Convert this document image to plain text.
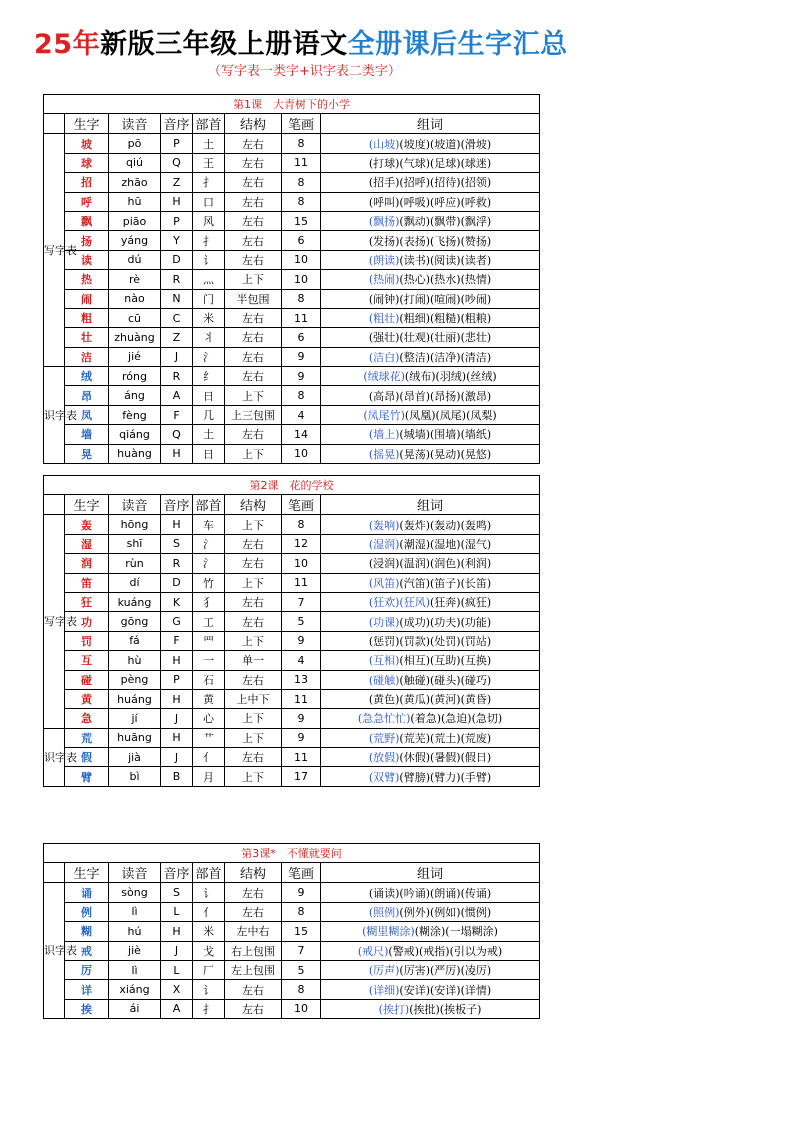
25年新版三年级上册语文全册课后生字汇总
（写字表一类字+识字表二类字）
第1课　大青树下的小学							
	生字	读音	音序	部首	结构	笔画	组词
写字表	坡	pō	P	土	左右	8	(山坡)(坡度)(坡道)(滑坡)
	球	qiú	Q	王	左右	11	(打球)(气球)(足球)(球迷)
	招	zhāo	Z	扌	左右	8	(招手)(招呼)(招待)(招领)
	呼	hū	H	口	左右	8	(呼叫)(呼吸)(呼应)(呼救)
	飘	piāo	P	风	左右	15	(飘扬)(飘动)(飘带)(飘浮)
	扬	yáng	Y	扌	左右	6	(发扬)(表扬)(飞扬)(赞扬)
	读	dú	D	讠	左右	10	(朗读)(读书)(阅读)(读者)
	热	rè	R	灬	上下	10	(热闹)(热心)(热水)(热情)
	闹	nào	N	门	半包围	8	(闹钟)(打闹)(喧闹)(吵闹)
	粗	cū	C	米	左右	11	(粗壮)(粗细)(粗糙)(粗粮)
	壮	zhuàng	Z	丬	左右	6	(强壮)(壮观)(壮丽)(悲壮)
	洁	jié	J	氵	左右	9	(洁白)(整洁)(洁净)(清洁)
识字表	绒	róng	R	纟	左右	9	(绒球花)(绒布)(羽绒)(丝绒)
	昂	áng	A	日	上下	8	(高昂)(昂首)(昂扬)(激昂)
	凤	fèng	F	几	上三包围	4	(凤尾竹)(凤凰)(凤尾)(凤梨)
	墙	qiáng	Q	土	左右	14	(墙上)(城墙)(围墙)(墙纸)
	晃	huàng	H	日	上下	10	(摇晃)(晃荡)(晃动)(晃悠)
第2课　花的学校							
	生字	读音	音序	部首	结构	笔画	组词
写字表	轰	hōng	H	车	上下	8	(轰响)(轰炸)(轰动)(轰鸣)
	湿	shī	S	氵	左右	12	(湿润)(潮湿)(湿地)(湿气)
	润	rùn	R	氵	左右	10	(浸润)(温润)(润色)(利润)
	笛	dí	D	竹	上下	11	(风笛)(汽笛)(笛子)(长笛)
	狂	kuáng	K	犭	左右	7	(狂欢)(狂风)(狂奔)(疯狂)
	功	gōng	G	工	左右	5	(功课)(成功)(功夫)(功能)
	罚	fá	F	罒	上下	9	(惩罚)(罚款)(处罚)(罚站)
	互	hù	H	一	单一	4	(互相)(相互)(互助)(互换)
	碰	pèng	P	石	左右	13	(碰触)(触碰)(碰头)(碰巧)
	黄	huáng	H	黄	上中下	11	(黄色)(黄瓜)(黄河)(黄昏)
	急	jí	J	心	上下	9	(急急忙忙)(着急)(急迫)(急切)
识字表	荒	huāng	H	艹	上下	9	(荒野)(荒芜)(荒土)(荒废)
	假	jià	J	亻	左右	11	(放假)(休假)(暑假)(假日)
	臂	bì	B	月	上下	17	(双臂)(臂膀)(臂力)(手臂)
第3课*　不懂就要问							
	生字	读音	音序	部首	结构	笔画	组词
识字表	诵	sòng	S	讠	左右	9	(诵读)(吟诵)(朗诵)(传诵)
	例	lì	L	亻	左右	8	(照例)(例外)(例如)(惯例)
	糊	hú	H	米	左中右	15	(糊里糊涂)(糊涂)(一塌糊涂)
	戒	jiè	J	戈	右上包围	7	(戒尺)(警戒)(戒指)(引以为戒)
	厉	lì	L	厂	左上包围	5	(厉声)(厉害)(严厉)(凌厉)
	详	xiáng	X	讠	左右	8	(详细)(安详)(安详)(详情)
	挨	ái	A	扌	左右	10	(挨打)(挨批)(挨板子)
